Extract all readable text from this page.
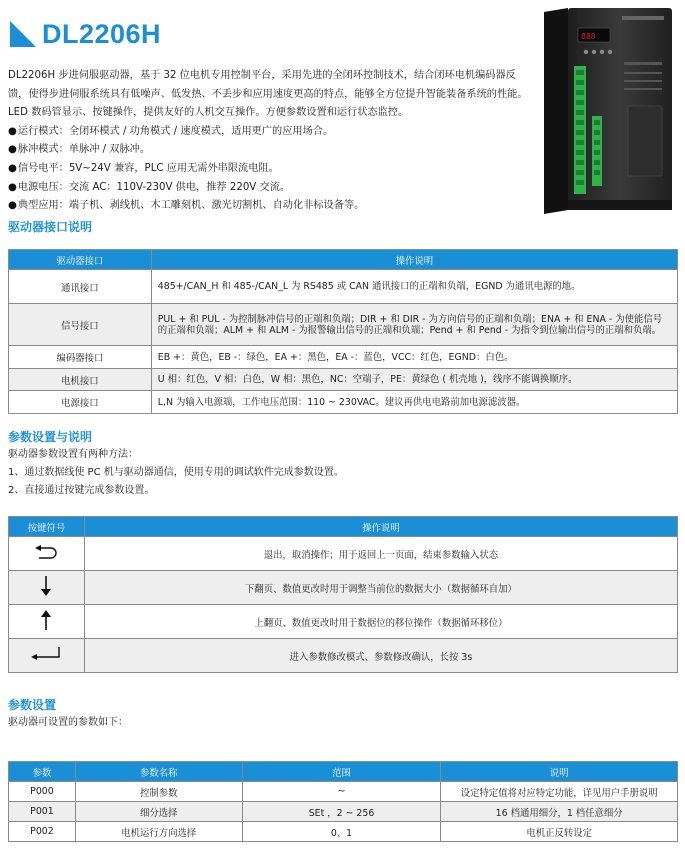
DL2206H	888

DL2206H 步进伺服驱动器，基于 32 位电机专用控制平台，采用先进的全闭环控制技术，结合闭环电机编码器反馈，使得步进伺服系统具有低噪声、低发热、不丢步和应用速度更高的特点，能够全方位提升智能装备系统的性能。LED 数码管显示、按键操作，提供友好的人机交互操作。方便参数设置和运行状态监控。

●运行模式：全闭环模式 / 功角模式 / 速度模式，适用更广的应用场合。
●脉冲模式：单脉冲 / 双脉冲。
●信号电平：5V~24V 兼容，PLC 应用无需外串限流电阻。
●电源电压：交流 AC：110V-230V 供电，推荐 220V 交流。
●典型应用：端子机、剥线机、木工雕刻机、激光切割机、自动化非标设备等。
驱动器接口说明
驱动器接口	操作说明
通讯接口	485+/CAN_H 和 485-/CAN_L 为 RS485 或 CAN 通讯接口的正端和负端，EGND 为通讯电源的地。
信号接口	PUL + 和 PUL - 为控制脉冲信号的正端和负端；DIR + 和 DIR - 为方向信号的正端和负端；ENA + 和 ENA - 为使能信号的正端和负端；ALM + 和 ALM - 为报警输出信号的正端和负端；Pend + 和 Pend - 为指令到位输出信号的正端和负端。
编码器接口	EB +：黄色，EB -：绿色，EA +：黑色，EA -：蓝色，VCC：红色，EGND：白色。
电机接口	U 相：红色，V 相：白色，W 相：黑色，NC：空端子，PE：黄绿色 ( 机壳地 )，线序不能调换顺序。
电源接口	L,N 为输入电源端，工作电压范围：110 ~ 230VAC。建议再供电电路前加电源滤波器。
参数设置与说明
驱动器参数设置有两种方法：
1、通过数据线使 PC 机与驱动器通信，使用专用的调试软件完成参数设置。
2、直接通过按键完成参数设置。
按键符号	操作说明
	退出，取消操作；用于返回上一页面，结束参数输入状态
	下翻页、数值更改时用于调整当前位的数据大小（数据循环自加）
	上翻页、数值更改时用于数据位的移位操作（数据循环移位）
	进入参数修改模式、参数修改确认，长按 3s
参数设置
驱动器可设置的参数如下：
参数	参数名称	范围	说明
P000	控制参数	~	设定特定值将对应特定功能，详见用户手册说明
P001	细分选择	SEt ，2 ~ 256	16 档通用细分，1 档任意细分
P002	电机运行方向选择	0、1	电机正反转设定
